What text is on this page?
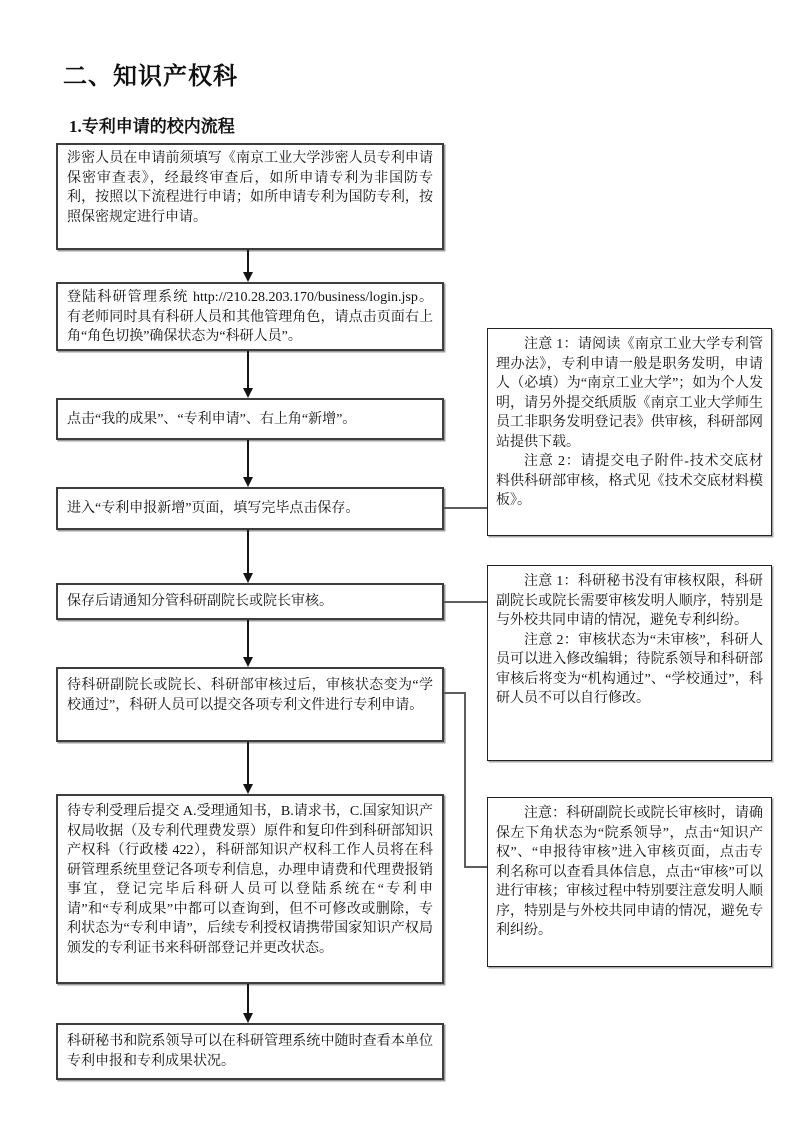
二、知识产权科
1.专利申请的校内流程
涉密人员在申请前须填写《南京工业大学涉密人员专利申请保密审查表》，经最终审查后，如所申请专利为非国防专利，按照以下流程进行申请；如所申请专利为国防专利，按照保密规定进行申请。
登陆科研管理系统 http://210.28.203.170/business/login.jsp。有老师同时具有科研人员和其他管理角色，请点击页面右上角“角色切换”确保状态为“科研人员”。
点击“我的成果”、“专利申请”、右上角“新增”。
进入“专利申报新增”页面，填写完毕点击保存。
保存后请通知分管科研副院长或院长审核。
待科研副院长或院长、科研部审核过后，审核状态变为“学校通过”，科研人员可以提交各项专利文件进行专利申请。
待专利受理后提交 A.受理通知书，B.请求书，C.国家知识产权局收据（及专利代理费发票）原件和复印件到科研部知识产权科（行政楼 422），科研部知识产权科工作人员将在科研管理系统里登记各项专利信息，办理申请费和代理费报销事宜，登记完毕后科研人员可以登陆系统在“专利申请”和“专利成果”中都可以查询到，但不可修改或删除，专利状态为“专利申请”，后续专利授权请携带国家知识产权局颁发的专利证书来科研部登记并更改状态。
科研秘书和院系领导可以在科研管理系统中随时查看本单位专利申报和专利成果状况。

注意 1：请阅读《南京工业大学专利管理办法》，专利申请一般是职务发明，申请人（必填）为“南京工业大学”；如为个人发明，请另外提交纸质版《南京工业大学师生员工非职务发明登记表》供审核，科研部网站提供下载。

注意 2：请提交电子附件-技术交底材料供科研部审核，格式见《技术交底材料模板》。

注意 1：科研秘书没有审核权限，科研副院长或院长需要审核发明人顺序，特别是与外校共同申请的情况，避免专利纠纷。

注意 2：审核状态为“未审核”，科研人员可以进入修改编辑；待院系领导和科研部审核后将变为“机构通过”、“学校通过”，科研人员不可以自行修改。

注意：科研副院长或院长审核时，请确保左下角状态为“院系领导”，点击“知识产权”、“申报待审核”进入审核页面，点击专利名称可以查看具体信息，点击“审核”可以进行审核；审核过程中特别要注意发明人顺序，特别是与外校共同申请的情况，避免专利纠纷。
